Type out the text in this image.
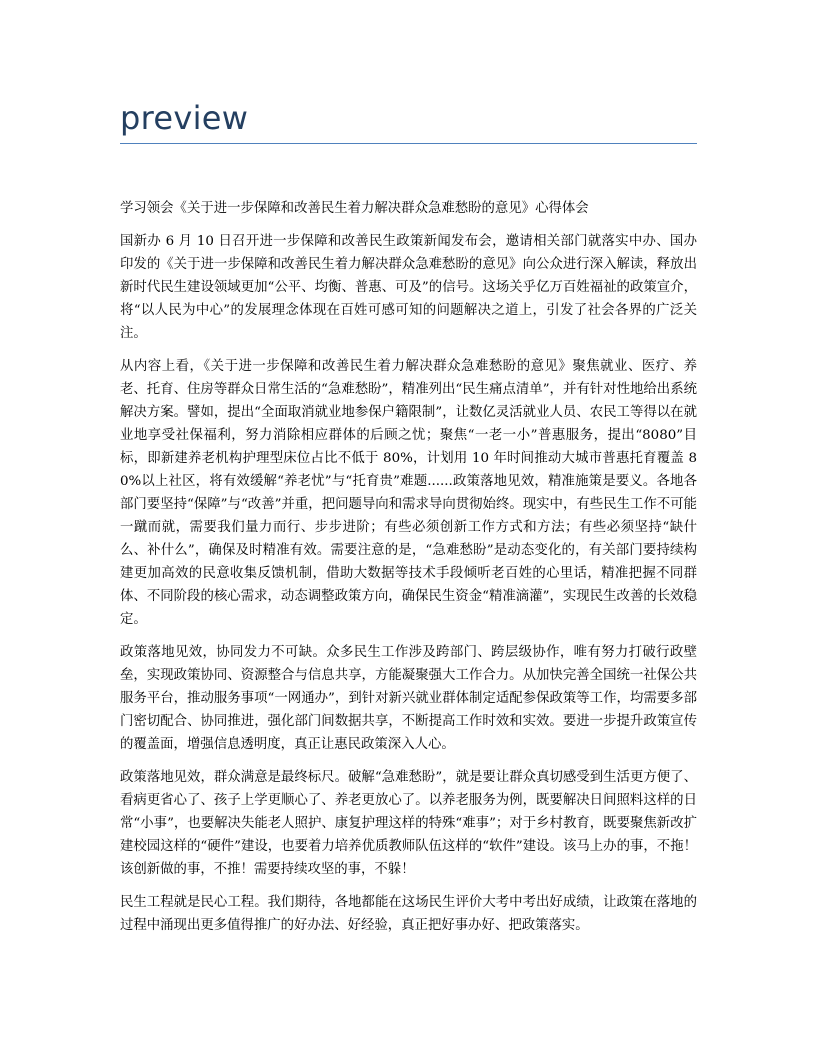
preview

学习领会《关于进一步保障和改善民生着力解决群众急难愁盼的意见》心得体会

国新办 6 月 10 日召开进一步保障和改善民生政策新闻发布会，邀请相关部门就落实中办、国办印发的《关于进一步保障和改善民生着力解决群众急难愁盼的意见》向公众进行深入解读，释放出新时代民生建设领域更加“公平、均衡、普惠、可及”的信号。这场关乎亿万百姓福祉的政策宣介，将“以人民为中心”的发展理念体现在百姓可感可知的问题解决之道上，引发了社会各界的广泛关注。

从内容上看，《关于进一步保障和改善民生着力解决群众急难愁盼的意见》聚焦就业、医疗、养老、托育、住房等群众日常生活的“急难愁盼”，精准列出“民生痛点清单”，并有针对性地给出系统解决方案。譬如，提出“全面取消就业地参保户籍限制”，让数亿灵活就业人员、农民工等得以在就业地享受社保福利，努力消除相应群体的后顾之忧；聚焦“一老一小”普惠服务，提出“8080”目标，即新建养老机构护理型床位占比不低于 80%，计划用 10 年时间推动大城市普惠托育覆盖 80%以上社区，将有效缓解“养老忧”与“托育贵”难题......政策落地见效，精准施策是要义。各地各部门要坚持“保障”与“改善”并重，把问题导向和需求导向贯彻始终。现实中，有些民生工作不可能一蹴而就，需要我们量力而行、步步进阶；有些必须创新工作方式和方法；有些必须坚持“缺什么、补什么”，确保及时精准有效。需要注意的是，“急难愁盼”是动态变化的，有关部门要持续构建更加高效的民意收集反馈机制，借助大数据等技术手段倾听老百姓的心里话，精准把握不同群体、不同阶段的核心需求，动态调整政策方向，确保民生资金“精准滴灌”，实现民生改善的长效稳定。

政策落地见效，协同发力不可缺。众多民生工作涉及跨部门、跨层级协作，唯有努力打破行政壁垒，实现政策协同、资源整合与信息共享，方能凝聚强大工作合力。从加快完善全国统一社保公共服务平台，推动服务事项“一网通办”，到针对新兴就业群体制定适配参保政策等工作，均需要多部门密切配合、协同推进，强化部门间数据共享，不断提高工作时效和实效。要进一步提升政策宣传的覆盖面，增强信息透明度，真正让惠民政策深入人心。

政策落地见效，群众满意是最终标尺。破解“急难愁盼”，就是要让群众真切感受到生活更方便了、看病更省心了、孩子上学更顺心了、养老更放心了。以养老服务为例，既要解决日间照料这样的日常“小事”，也要解决失能老人照护、康复护理这样的特殊“难事”；对于乡村教育，既要聚焦新改扩建校园这样的“硬件”建设，也要着力培养优质教师队伍这样的“软件”建设。该马上办的事，不拖！该创新做的事，不推！需要持续攻坚的事，不躲！

民生工程就是民心工程。我们期待，各地都能在这场民生评价大考中考出好成绩，让政策在落地的过程中涌现出更多值得推广的好办法、好经验，真正把好事办好、把政策落实。
